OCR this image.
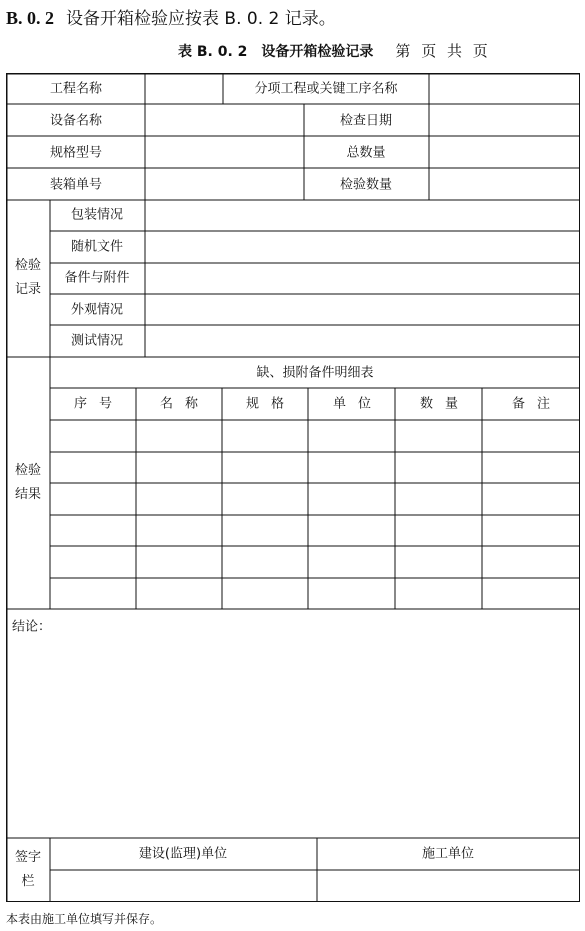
B. 0. 2 设备开箱检验应按表 B. 0. 2 记录。
表 B. 0. 2　设备开箱检验记录 第 页 共 页
工程名称	分项工程或关键工序名称
设备名称	检查日期
规格型号	总数量
装箱单号	检验数量
检验
记录
包装情况
随机文件
备件与附件
外观情况
测试情况
检验
结果
缺、损附备件明细表
序号	名称	规格	单位	数量	备注
结论：
签字
栏
建设(监理)单位	施工单位
本表由施工单位填写并保存。
